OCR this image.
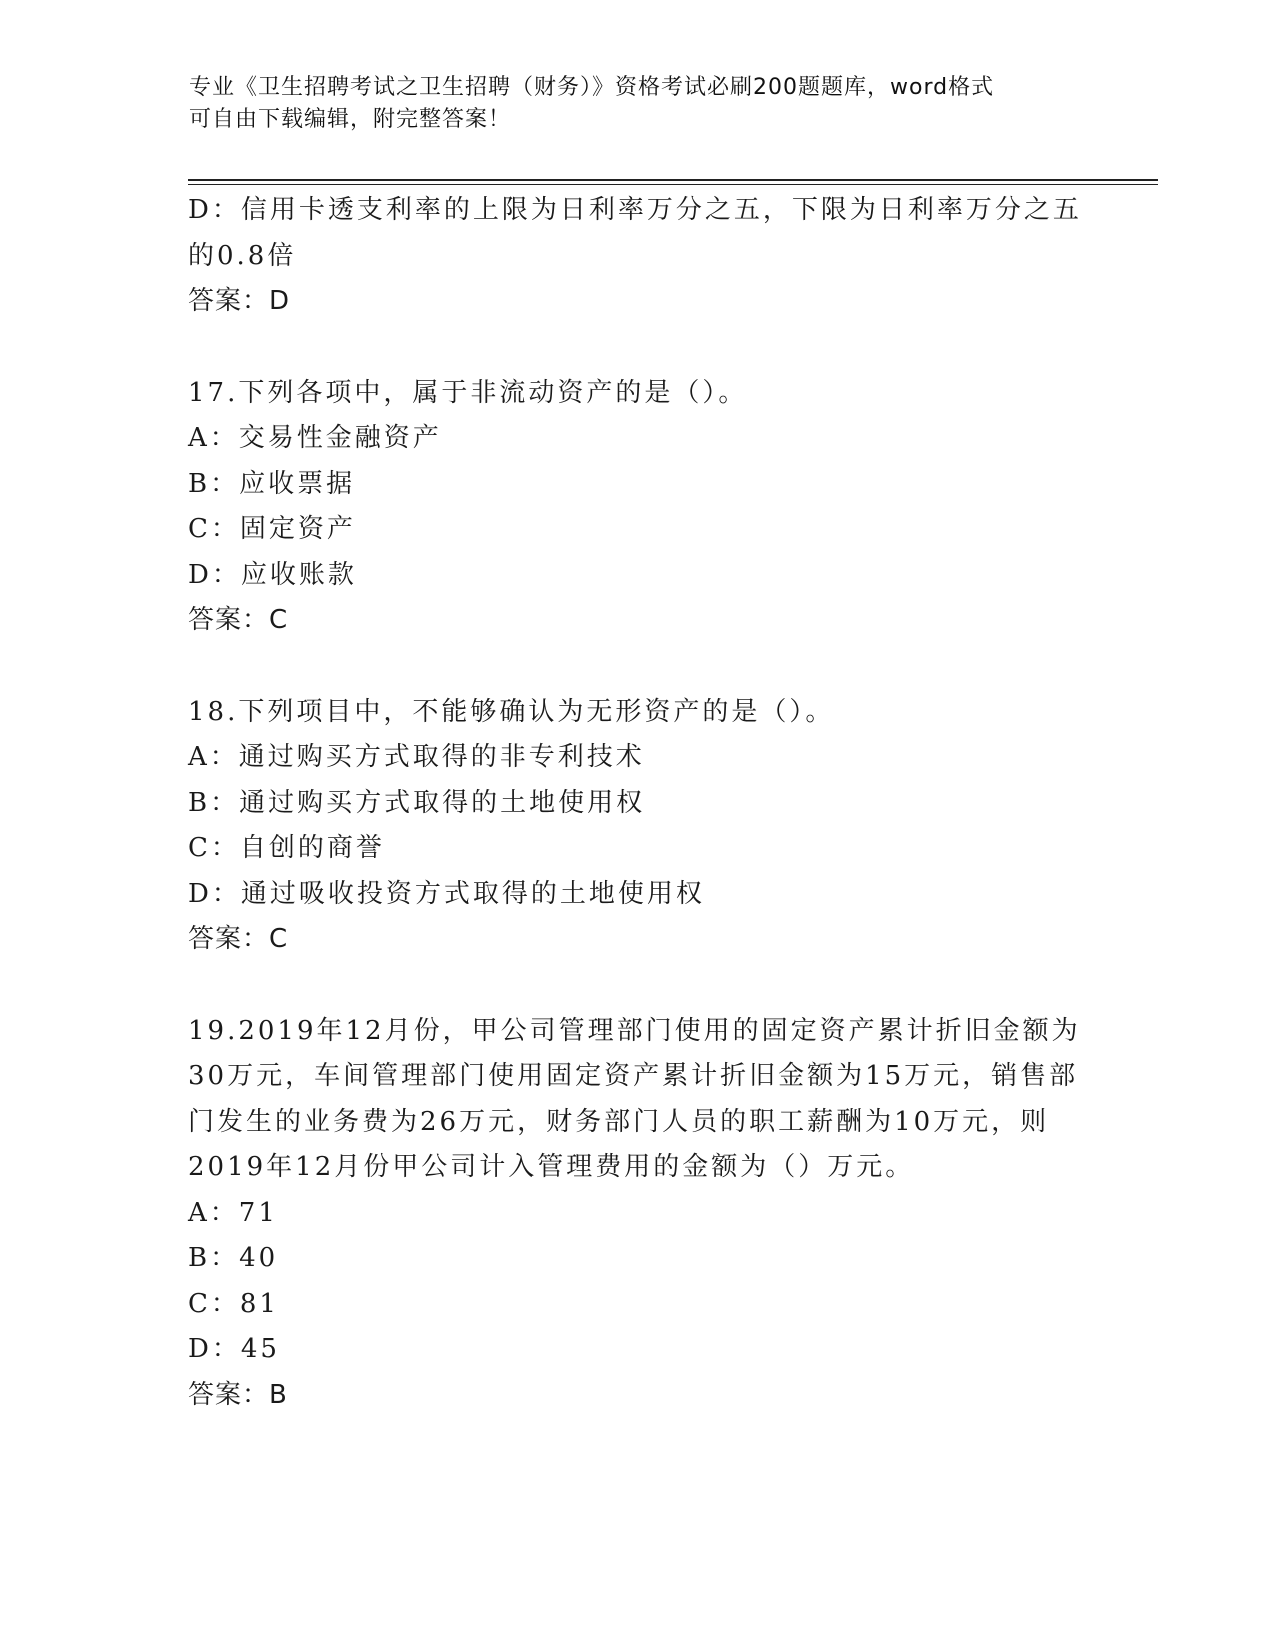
专业《卫生招聘考试之卫生招聘（财务）》资格考试必刷200题题库，word格式
可自由下载编辑，附完整答案！
D：信用卡透支利率的上限为日利率万分之五，下限为日利率万分之五
的0.8倍
答案：D
17.下列各项中，属于非流动资产的是（）。
A：交易性金融资产
B：应收票据
C：固定资产
D：应收账款
答案：C
18.下列项目中，不能够确认为无形资产的是（）。
A：通过购买方式取得的非专利技术
B：通过购买方式取得的土地使用权
C：自创的商誉
D：通过吸收投资方式取得的土地使用权
答案：C
19.2019年12月份，甲公司管理部门使用的固定资产累计折旧金额为
30万元，车间管理部门使用固定资产累计折旧金额为15万元，销售部
门发生的业务费为26万元，财务部门人员的职工薪酬为10万元，则
2019年12月份甲公司计入管理费用的金额为（）万元。
A：71
B：40
C：81
D：45
答案：B
